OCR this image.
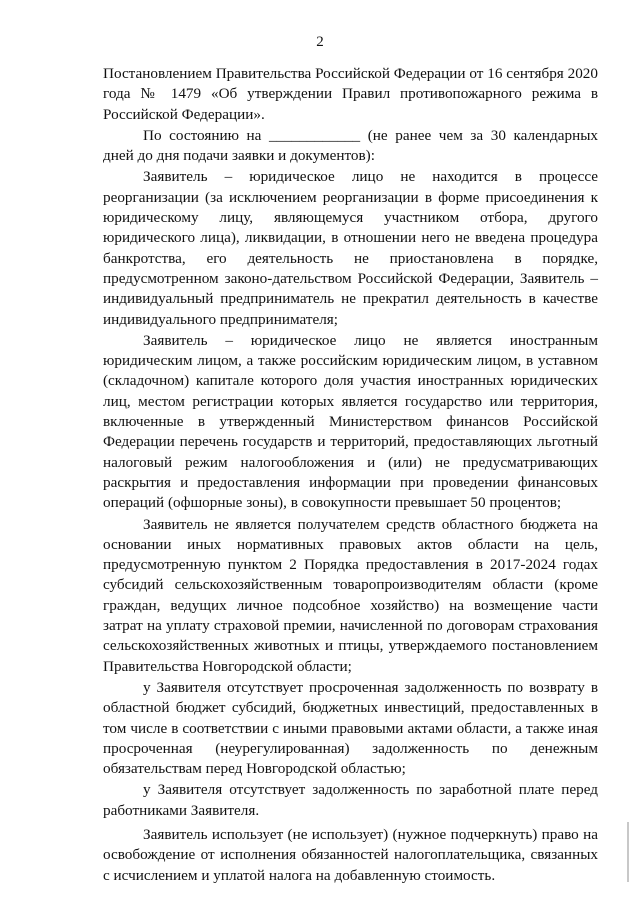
2

Постановлением Правительства Российской Федерации от 16 сентября 2020 года № 1479 «Об утверждении Правил противопожарного режима в Российской Федерации».

По состоянию на ____________ (не ранее чем за 30 календарных дней до дня подачи заявки и документов):

Заявитель – юридическое лицо не находится в процессе реорганизации (за исключением реорганизации в форме присоединения к юридическому лицу, являющемуся участником отбора, другого юридического лица), ликвидации, в отношении него не введена процедура банкротства, его деятельность не приостановлена в порядке, предусмотренном законо-дательством Российской Федерации, Заявитель – индивидуальный предприниматель не прекратил деятельность в качестве индивидуального предпринимателя;

Заявитель – юридическое лицо не является иностранным юридическим лицом, а также российским юридическим лицом, в уставном (складочном) капитале которого доля участия иностранных юридических лиц, местом регистрации которых является государство или территория, включенные в утвержденный Министерством финансов Российской Федерации перечень государств и территорий, предоставляющих льготный налоговый режим налогообложения и (или) не предусматривающих раскрытия и предоставления информации при проведении финансовых операций (офшорные зоны), в совокупности превышает 50 процентов;

Заявитель не является получателем средств областного бюджета на основании иных нормативных правовых актов области на цель, предусмотренную пунктом 2 Порядка предоставления в 2017-2024 годах субсидий сельскохозяйственным товаропроизводителям области (кроме граждан, ведущих личное подсобное хозяйство) на возмещение части затрат на уплату страховой премии, начисленной по договорам страхования сельскохозяйственных животных и птицы, утверждаемого постановлением Правительства Новгородской области;

у Заявителя отсутствует просроченная задолженность по возврату в областной бюджет субсидий, бюджетных инвестиций, предоставленных в том числе в соответствии с иными правовыми актами области, а также иная просроченная (неурегулированная) задолженность по денежным обязательствам перед Новгородской областью;

у Заявителя отсутствует задолженность по заработной плате перед работниками Заявителя.

Заявитель использует (не использует) (нужное подчеркнуть) право на освобождение от исполнения обязанностей налогоплательщика, связанных с исчислением и уплатой налога на добавленную стоимость.
